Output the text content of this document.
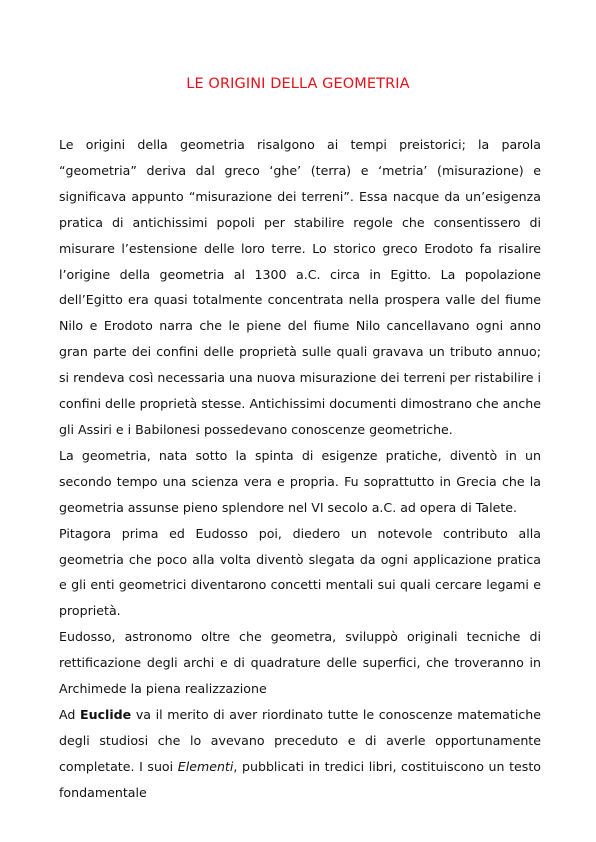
LE ORIGINI DELLA GEOMETRIA

Le origini della geometria risalgono ai tempi preistorici; la parola “geometria” deriva dal greco ‘ghe’ (terra) e ‘metria’ (misurazione) e significava appunto “misurazione dei terreni”. Essa nacque da un’esigenza pratica di antichissimi popoli per stabilire regole che consentissero di misurare l’estensione delle loro terre. Lo storico greco Erodoto fa risalire l’origine della geometria al 1300 a.C. circa in Egitto. La popolazione dell’Egitto era quasi totalmente concentrata nella prospera valle del fiume Nilo e Erodoto narra che le piene del fiume Nilo cancellavano ogni anno gran parte dei confini delle proprietà sulle quali gravava un tributo annuo; si rendeva così necessaria una nuova misurazione dei terreni per ristabilire i confini delle proprietà stesse. Antichissimi documenti dimostrano che anche gli Assiri e i Babilonesi possedevano conoscenze geometriche.

La geometria, nata sotto la spinta di esigenze pratiche, diventò in un secondo tempo una scienza vera e propria. Fu soprattutto in Grecia che la geometria assunse pieno splendore nel VI secolo a.C. ad opera di Talete.

Pitagora prima ed Eudosso poi, diedero un notevole contributo alla geometria che poco alla volta diventò slegata da ogni applicazione pratica e gli enti geometrici diventarono concetti mentali sui quali cercare legami e proprietà.

Eudosso, astronomo oltre che geometra, sviluppò originali tecniche di rettificazione degli archi e di quadrature delle superfici, che troveranno in Archimede la piena realizzazione

Ad Euclide va il merito di aver riordinato tutte le conoscenze matematiche degli studiosi che lo avevano preceduto e di averle opportunamente completate. I suoi Elementi, pubblicati in tredici libri, costituiscono un testo fondamentale
